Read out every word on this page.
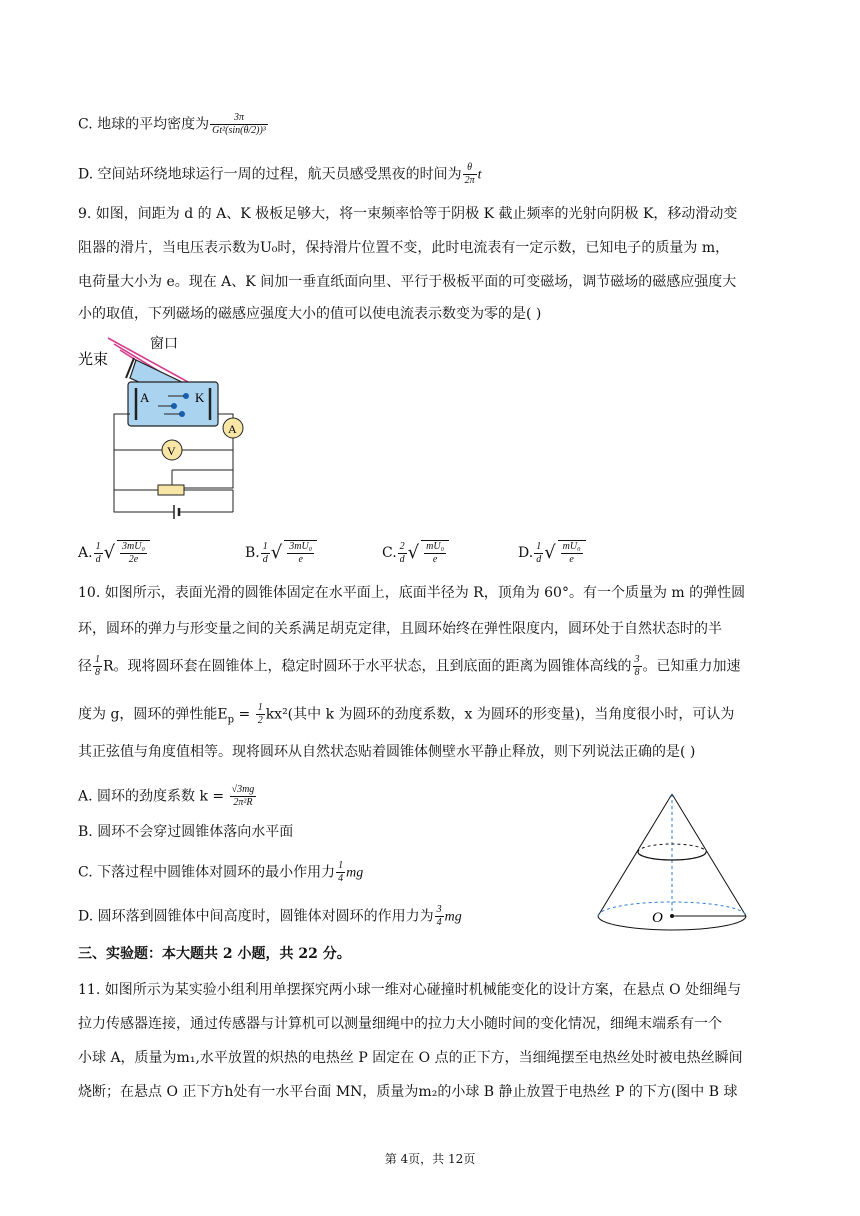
C. 地球的平均密度为 $\frac{3\pi}{\text{Gt²(sin(θ/2))³}}$
D. 空间站环绕地球运行一周的过程，航天员感受黑夜的时间为 $\frac{\theta}{2\pi}$ t
9. 如图，间距为 d 的 A、K 极板足够大，将一束频率恰等于阴极 K 截止频率的光射向阴极 K，移动滑动变
阻器的滑片，当电压表示数为U₀时，保持滑片位置不变，此时电流表有一定示数，已知电子的质量为 m，
电荷量大小为 e。现在 A、K 间加一垂直纸面向里、平行于极板平面的可变磁场，调节磁场的磁感应强度大
小的取值，下列磁场的磁感应强度大小的值可以使电流表示数变为零的是( )
光束
窗口
A	K
A
V
A. $\frac{1}{d}$ √ $\frac{\text{3mU₀}}{2e}$	B. $\frac{1}{d}$ √ $\frac{\text{3mU₀}}{e}$	C. $\frac{2}{d}$ √ $\frac{\text{mU₀}}{e}$	D. $\frac{1}{d}$ √ $\frac{\text{mU₀}}{e}$
10. 如图所示，表面光滑的圆锥体固定在水平面上，底面半径为 R，顶角为 60°。有一个质量为 m 的弹性圆
环，圆环的弹力与形变量之间的关系满足胡克定律，且圆环始终在弹性限度内，圆环处于自然状态时的半
径 $\frac{1}{8}$ R。现将圆环套在圆锥体上，稳定时圆环于水平状态，且到底面的距离为圆锥体高线的 $\frac{3}{8}$ 。已知重力加速
度为 g，圆环的弹性能$E_p = \frac{1}{2} kx^2$(其中 k 为圆环的劲度系数，x 为圆环的形变量)，当角度很小时，可认为
其正弦值与角度值相等。现将圆环从自然状态贴着圆锥体侧壁水平静止释放，则下列说法正确的是( )
A. 圆环的劲度系数 $k = \frac{√3mg}{\text{2π²R}}$
B. 圆环不会穿过圆锥体落向水平面
C. 下落过程中圆锥体对圆环的最小作用力 $\frac{1}{4}$ mg
D. 圆环落到圆锥体中间高度时，圆锥体对圆环的作用力为 $\frac{3}{4}$ mg	O
三、实验题：本大题共 2 小题，共 22 分。
11. 如图所示为某实验小组利用单摆探究两小球一维对心碰撞时机械能变化的设计方案，在悬点 O 处细绳与
拉力传感器连接，通过传感器与计算机可以测量细绳中的拉力大小随时间的变化情况，细绳末端系有一个
小球 A，质量为m₁,水平放置的炽热的电热丝 P 固定在 O 点的正下方，当细绳摆至电热丝处时被电热丝瞬间
烧断；在悬点 O 正下方h处有一水平台面 MN，质量为m₂的小球 B 静止放置于电热丝 P 的下方(图中 B 球
第 4页，共 12页
